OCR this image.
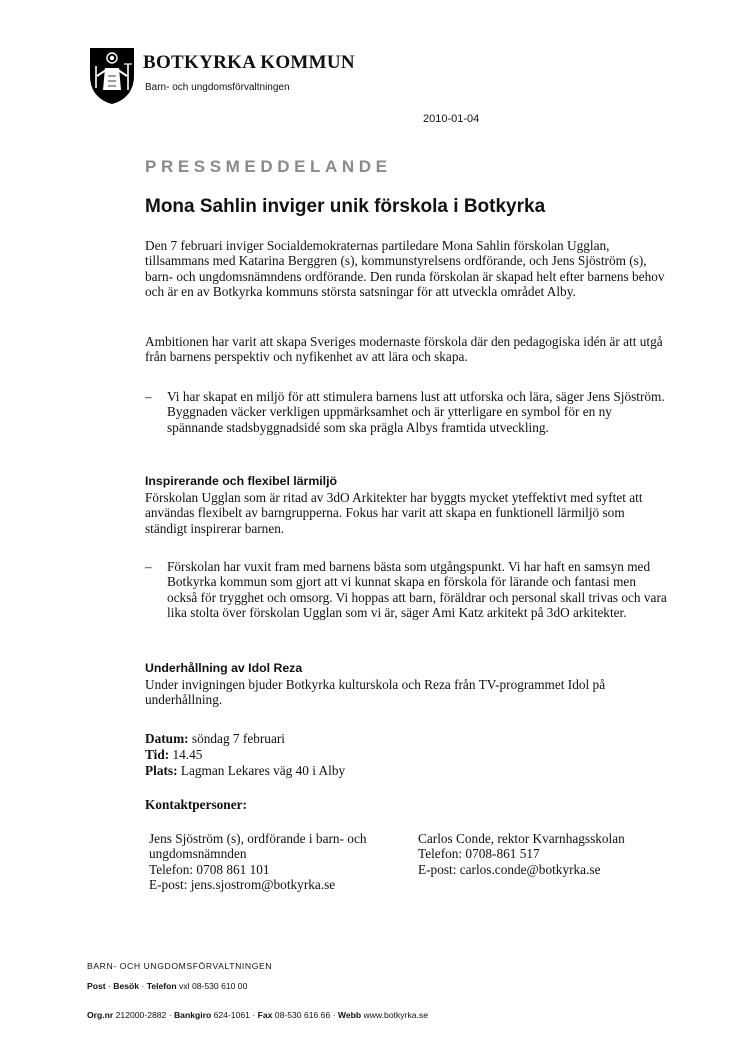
BOTKYRKA KOMMUN
Barn- och ungdomsförvaltningen
2010-01-04
PRESSMEDDELANDE
Mona Sahlin inviger unik förskola i Botkyrka

Den 7 februari inviger Socialdemokraternas partiledare Mona Sahlin förskolan Ugglan, tillsammans med Katarina Berggren (s), kommunstyrelsens ordförande, och Jens Sjöström (s), barn- och ungdomsnämndens ordförande. Den runda förskolan är skapad helt efter barnens behov och är en av Botkyrka kommuns största satsningar för att utveckla området Alby.

Ambitionen har varit att skapa Sveriges modernaste förskola där den pedagogiska idén är att utgå från barnens perspektiv och nyfikenhet av att lära och skapa.

– Vi har skapat en miljö för att stimulera barnens lust att utforska och lära, säger Jens Sjöström. Byggnaden väcker verkligen uppmärksamhet och är ytterligare en symbol för en ny spännande stadsbyggnadsidé som ska prägla Albys framtida utveckling.

Inspirerande och flexibel lärmiljö

Förskolan Ugglan som är ritad av 3dO Arkitekter har byggts mycket yteffektivt med syftet att användas flexibelt av barngrupperna. Fokus har varit att skapa en funktionell lärmiljö som ständigt inspirerar barnen.

– Förskolan har vuxit fram med barnens bästa som utgångspunkt. Vi har haft en samsyn med Botkyrka kommun som gjort att vi kunnat skapa en förskola för lärande och fantasi men också för trygghet och omsorg. Vi hoppas att barn, föräldrar och personal skall trivas och vara lika stolta över förskolan Ugglan som vi är, säger Ami Katz arkitekt på 3dO arkitekter.

Underhållning av Idol Reza

Under invigningen bjuder Botkyrka kulturskola och Reza från TV-programmet Idol på underhållning.

Datum: söndag 7 februari
Tid: 14.45
Plats: Lagman Lekares väg 40 i Alby
Kontaktpersoner:
Jens Sjöström (s), ordförande i barn- och
ungdomsnämnden
Telefon: 0708 861 101
E-post: jens.sjostrom@botkyrka.se
Carlos Conde, rektor Kvarnhagsskolan
Telefon: 0708-861 517
E-post: carlos.conde@botkyrka.se
BARN- OCH UNGDOMSFÖRVALTNINGEN
Post · Besök · Telefon vxl 08-530 610 00
Org.nr 212000-2882 · Bankgiro 624-1061 · Fax 08-530 616 66 · Webb www.botkyrka.se
